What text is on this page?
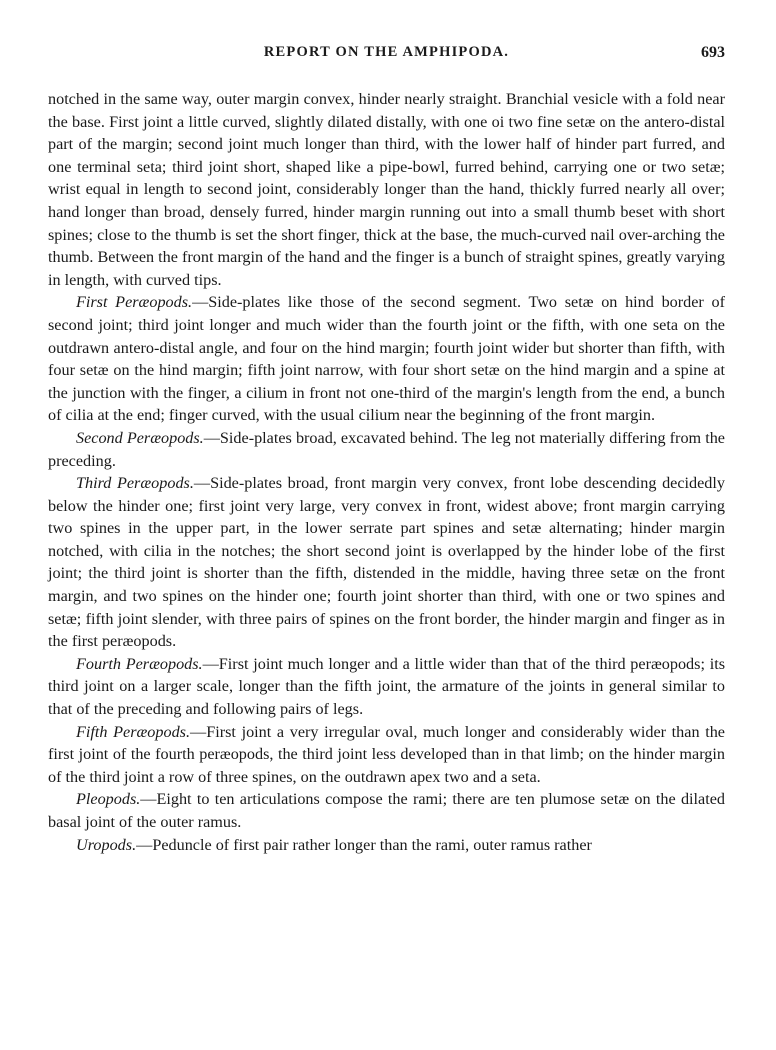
REPORT ON THE AMPHIPODA.	693

notched in the same way, outer margin convex, hinder nearly straight. Branchial vesicle with a fold near the base. First joint a little curved, slightly dilated distally, with one oi two fine setæ on the antero-distal part of the margin; second joint much longer than third, with the lower half of hinder part furred, and one terminal seta; third joint short, shaped like a pipe-bowl, furred behind, carrying one or two setæ; wrist equal in length to second joint, considerably longer than the hand, thickly furred nearly all over; hand longer than broad, densely furred, hinder margin running out into a small thumb beset with short spines; close to the thumb is set the short finger, thick at the base, the much-curved nail over-arching the thumb. Between the front margin of the hand and the finger is a bunch of straight spines, greatly varying in length, with curved tips.

First Peræopods.—Side-plates like those of the second segment. Two setæ on hind border of second joint; third joint longer and much wider than the fourth joint or the fifth, with one seta on the outdrawn antero-distal angle, and four on the hind margin; fourth joint wider but shorter than fifth, with four setæ on the hind margin; fifth joint narrow, with four short setæ on the hind margin and a spine at the junction with the finger, a cilium in front not one-third of the margin's length from the end, a bunch of cilia at the end; finger curved, with the usual cilium near the beginning of the front margin.

Second Peræopods.—Side-plates broad, excavated behind. The leg not materially differing from the preceding.

Third Peræopods.—Side-plates broad, front margin very convex, front lobe descending decidedly below the hinder one; first joint very large, very convex in front, widest above; front margin carrying two spines in the upper part, in the lower serrate part spines and setæ alternating; hinder margin notched, with cilia in the notches; the short second joint is overlapped by the hinder lobe of the first joint; the third joint is shorter than the fifth, distended in the middle, having three setæ on the front margin, and two spines on the hinder one; fourth joint shorter than third, with one or two spines and setæ; fifth joint slender, with three pairs of spines on the front border, the hinder margin and finger as in the first peræopods.

Fourth Peræopods.—First joint much longer and a little wider than that of the third peræopods; its third joint on a larger scale, longer than the fifth joint, the armature of the joints in general similar to that of the preceding and following pairs of legs.

Fifth Peræopods.—First joint a very irregular oval, much longer and considerably wider than the first joint of the fourth peræopods, the third joint less developed than in that limb; on the hinder margin of the third joint a row of three spines, on the outdrawn apex two and a seta.

Pleopods.—Eight to ten articulations compose the rami; there are ten plumose setæ on the dilated basal joint of the outer ramus.

Uropods.—Peduncle of first pair rather longer than the rami, outer ramus rather
